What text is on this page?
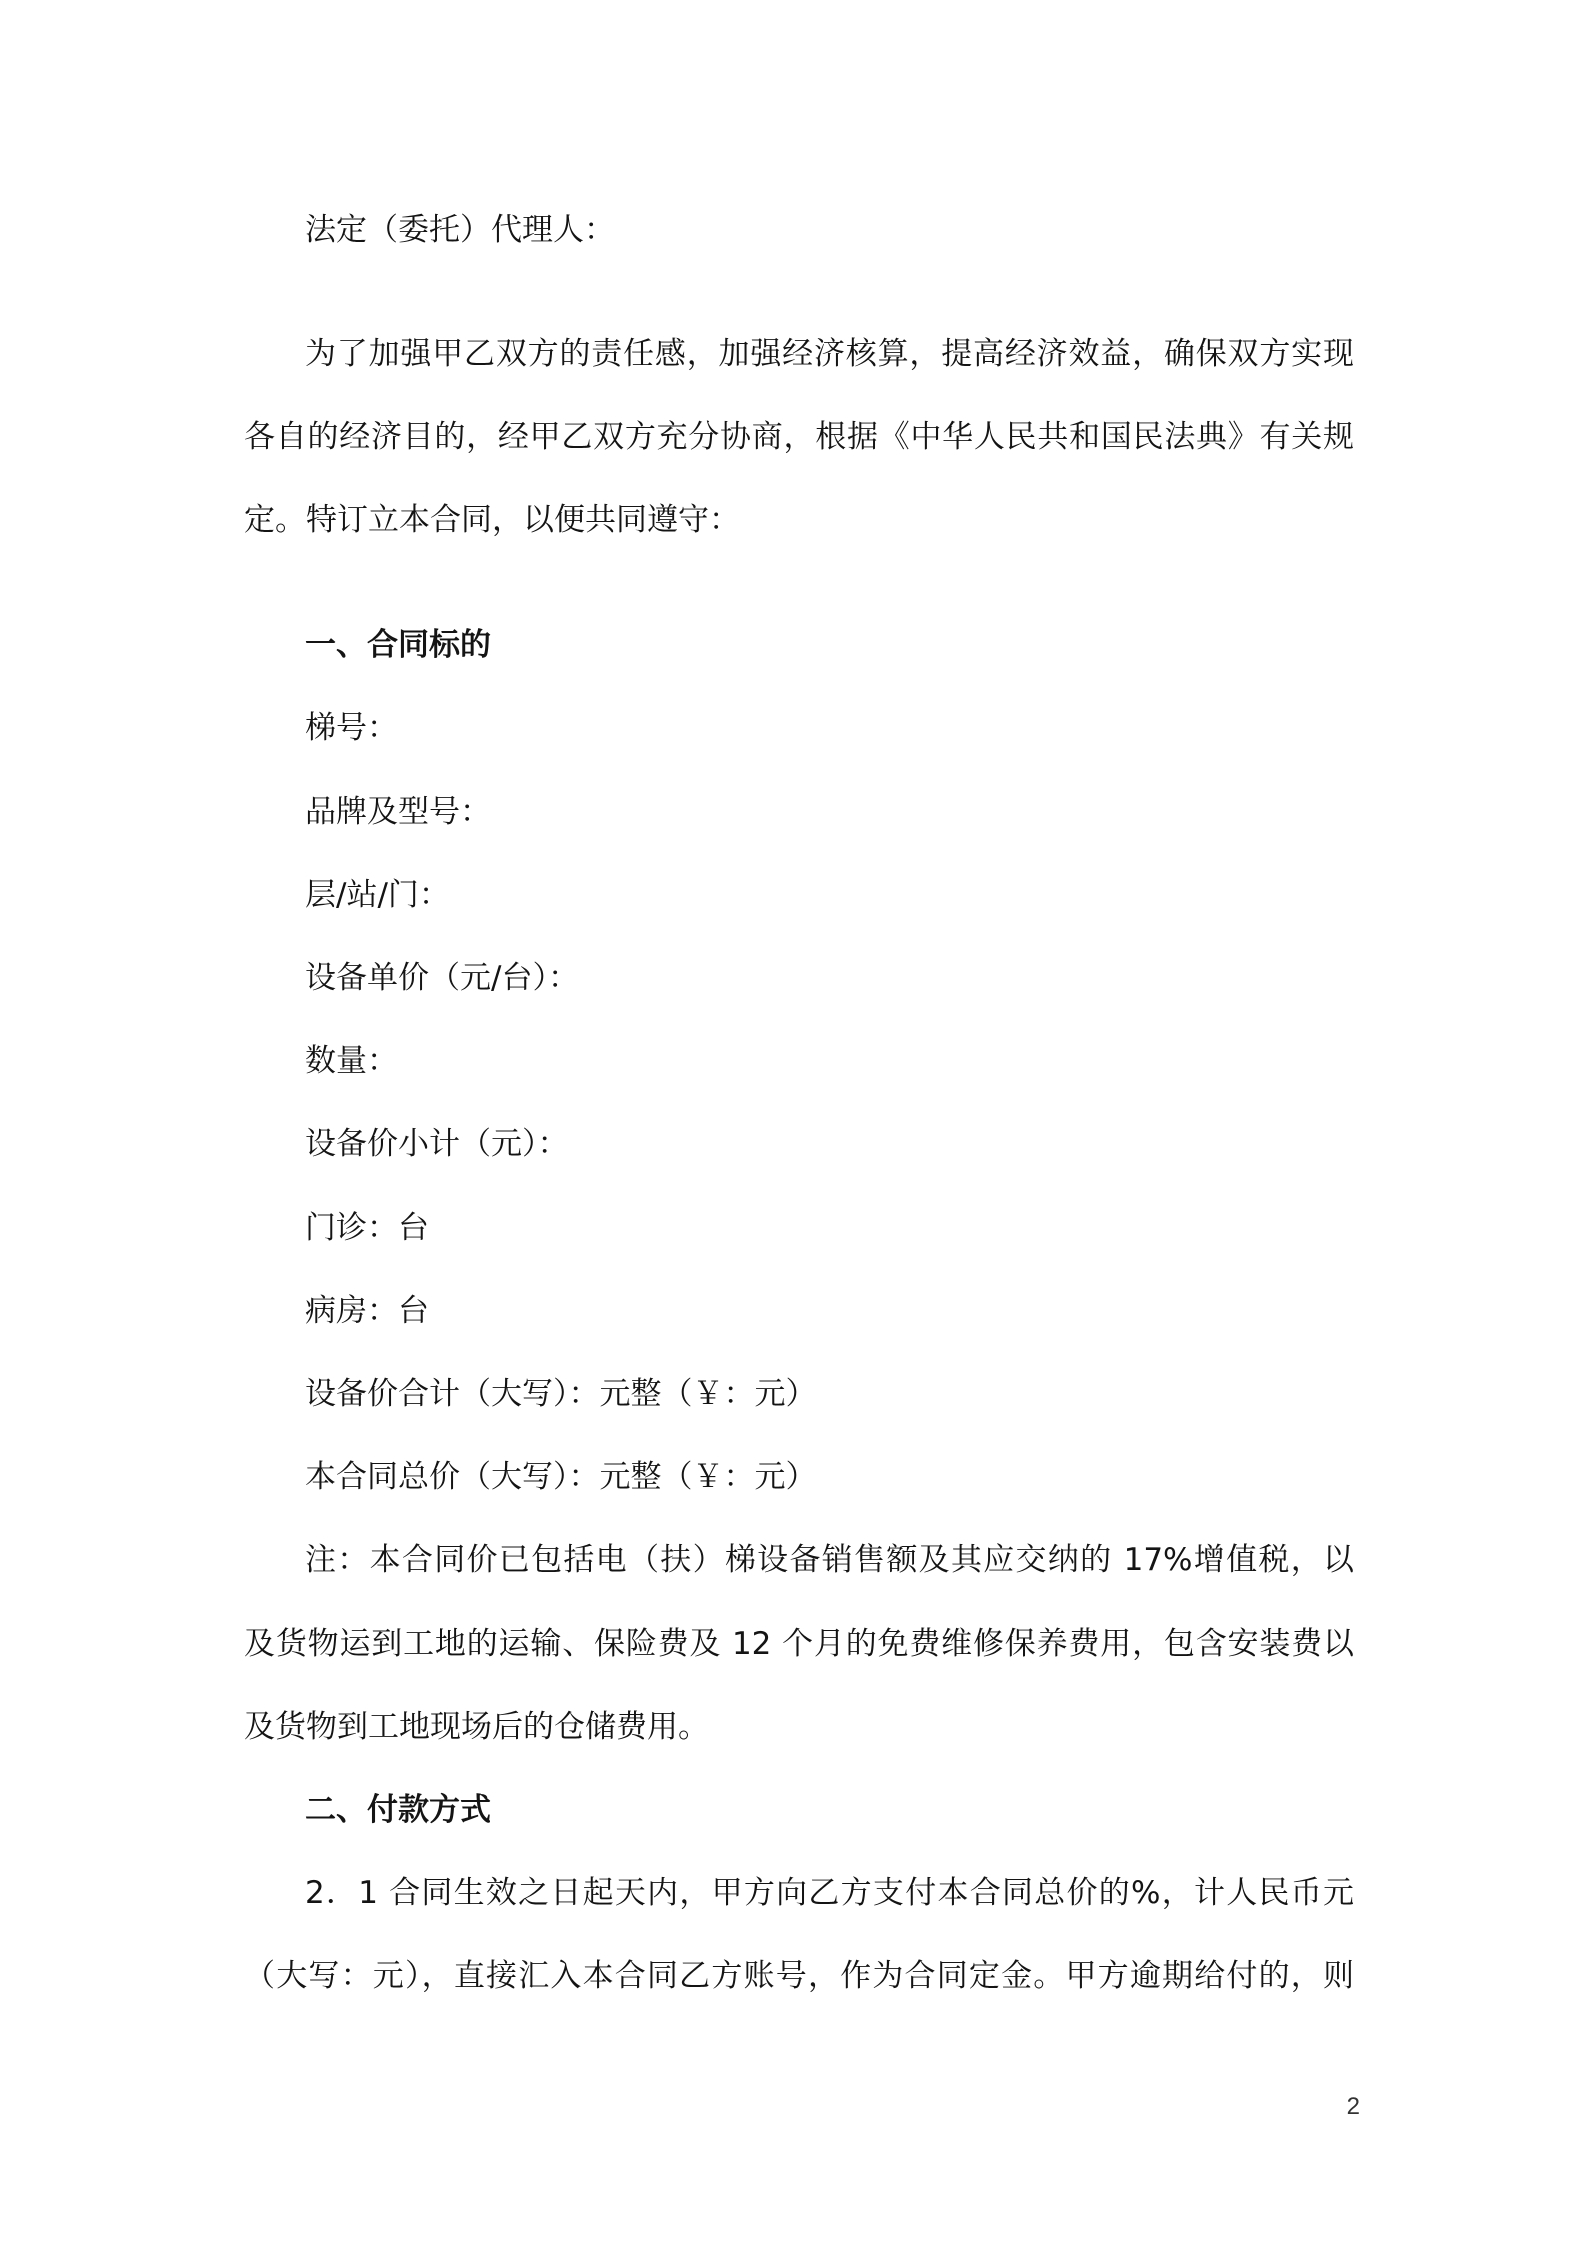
法定（委托）代理人：
为了加强甲乙双方的责任感，加强经济核算，提高经济效益，确保双方实现
各自的经济目的，经甲乙双方充分协商，根据《中华人民共和国民法典》有关规
定。特订立本合同，以便共同遵守：
一、合同标的
梯号：
品牌及型号：
层/站/门：
设备单价（元/台）：
数量：
设备价小计（元）：
门诊：台
病房：台
设备价合计（大写）：元整（￥：元）
本合同总价（大写）：元整（￥：元）
注：本合同价已包括电（扶）梯设备销售额及其应交纳的 17%增值税，以
及货物运到工地的运输、保险费及 12 个月的免费维修保养费用，包含安装费以
及货物到工地现场后的仓储费用。
二、付款方式
2．1 合同生效之日起天内，甲方向乙方支付本合同总价的%，计人民币元
（大写：元），直接汇入本合同乙方账号，作为合同定金。甲方逾期给付的，则
2
